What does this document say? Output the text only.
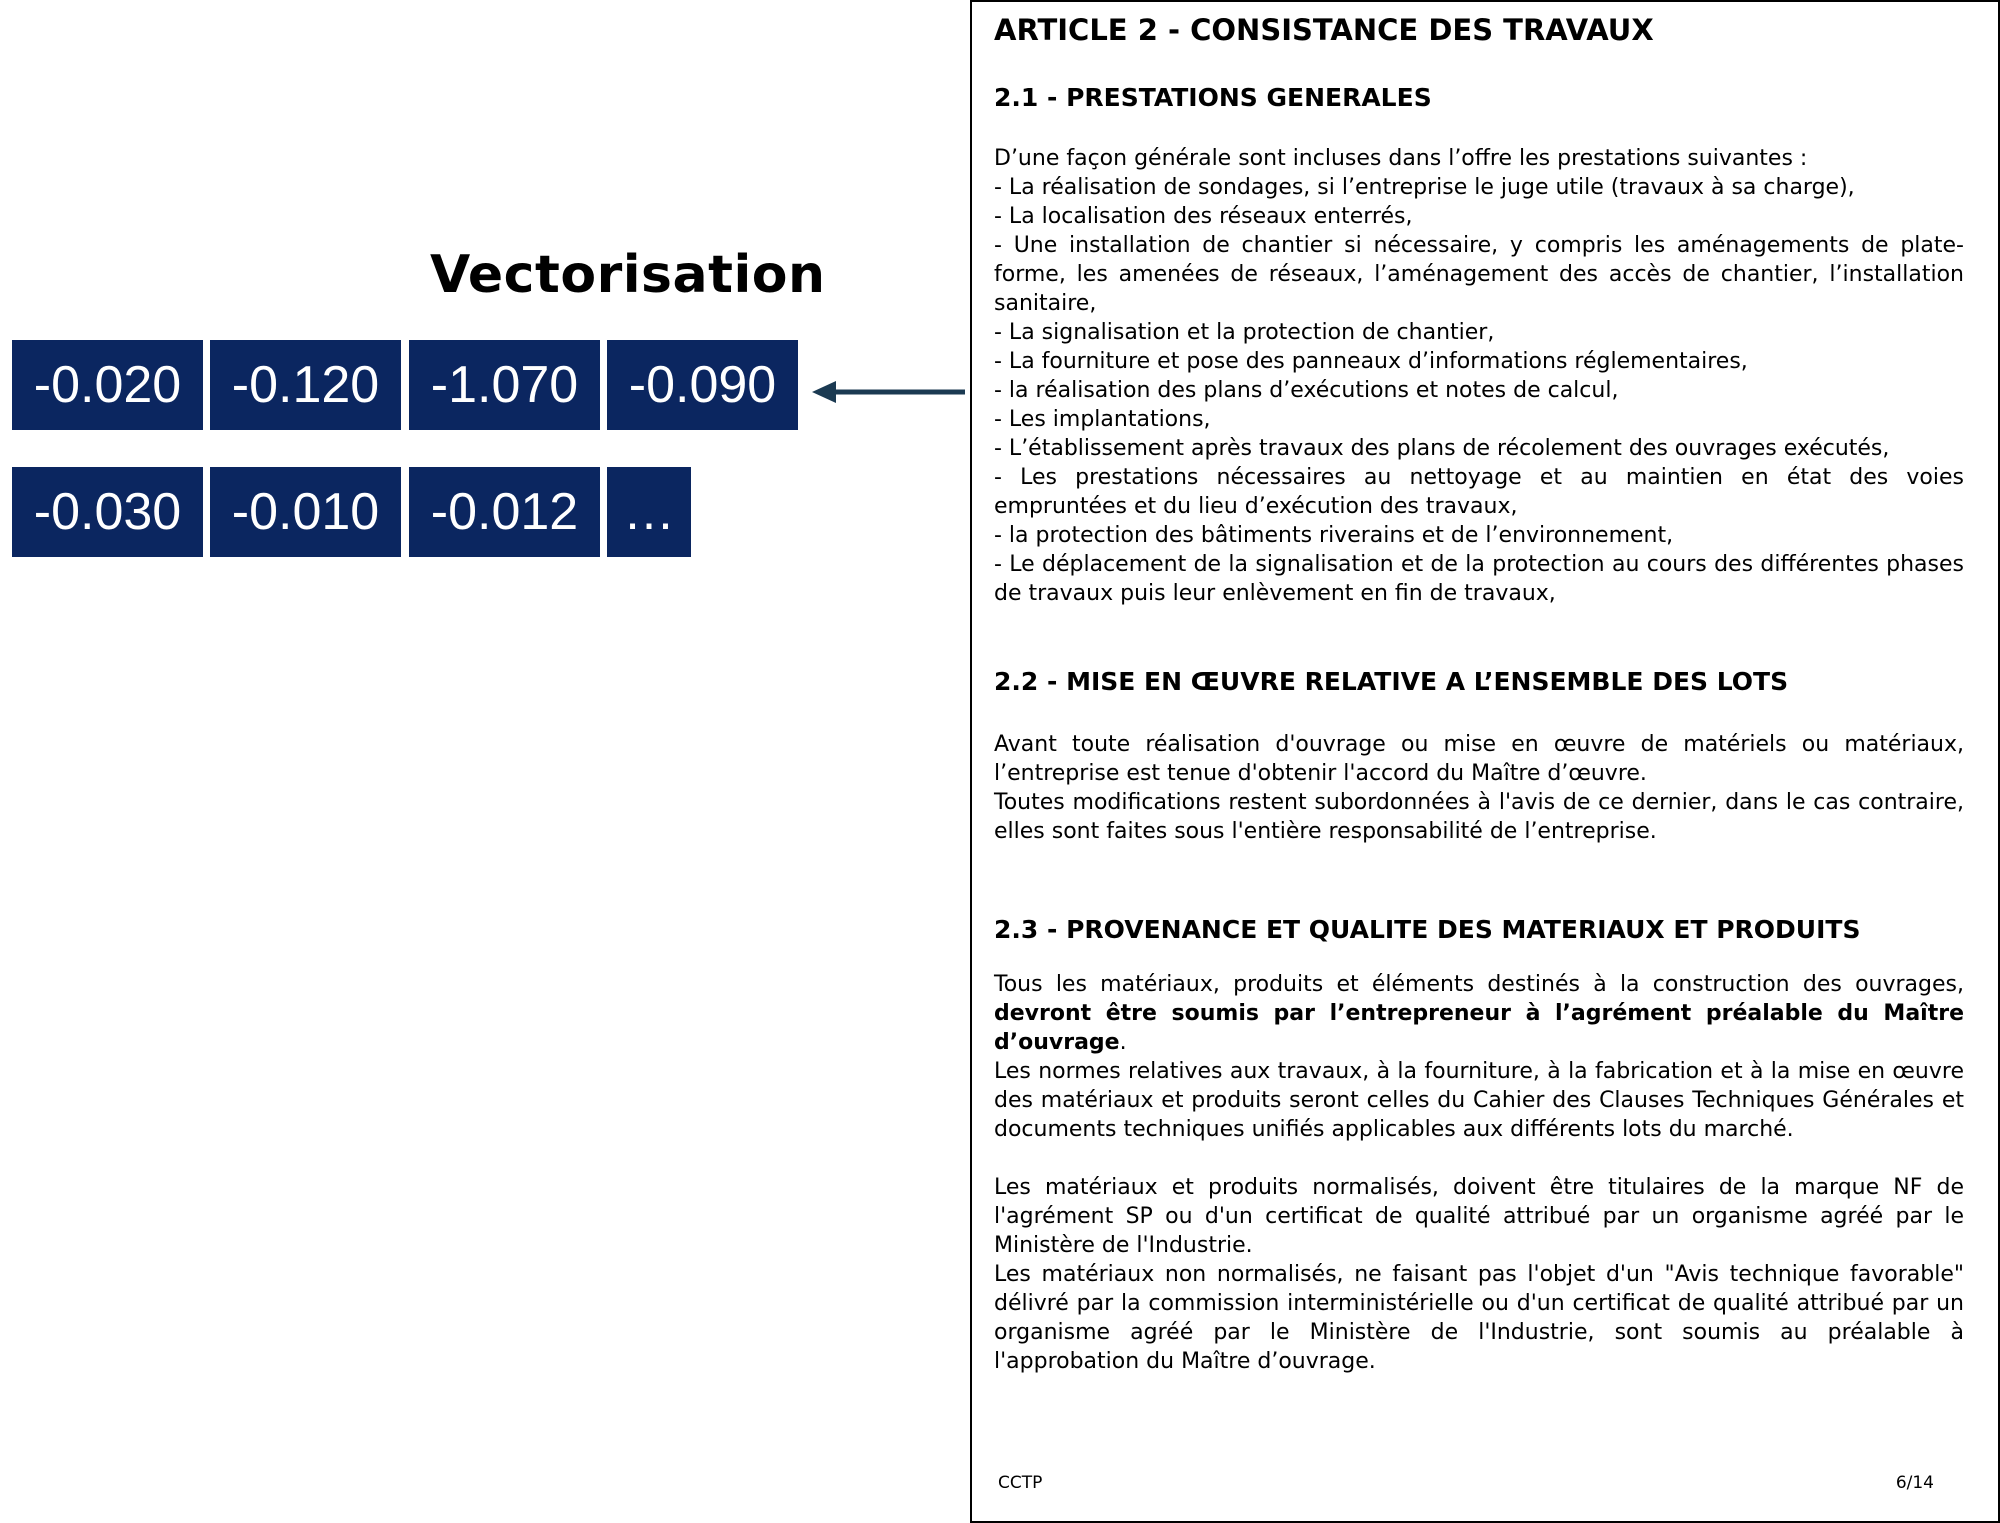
Vectorisation
-0.020 -0.120 -1.070 -0.090
-0.030 -0.010 -0.012 …
ARTICLE 2 - CONSISTANCE DES TRAVAUX
2.1 - PRESTATIONS GENERALES
D’une façon générale sont incluses dans l’offre les prestations suivantes :
- La réalisation de sondages, si l’entreprise le juge utile (travaux à sa charge),
- La localisation des réseaux enterrés,
- Une installation de chantier si nécessaire, y compris les aménagements de plate-forme, les amenées de réseaux, l’aménagement des accès de chantier, l’installation sanitaire,
- La signalisation et la protection de chantier,
- La fourniture et pose des panneaux d’informations réglementaires,
- la réalisation des plans d’exécutions et notes de calcul,
- Les implantations,
- L’établissement après travaux des plans de récolement des ouvrages exécutés,
- Les prestations nécessaires au nettoyage et au maintien en état des voies empruntées et du lieu d’exécution des travaux,
- la protection des bâtiments riverains et de l’environnement,
- Le déplacement de la signalisation et de la protection au cours des différentes phases de travaux puis leur enlèvement en fin de travaux,
2.2 - MISE EN ŒUVRE RELATIVE A L’ENSEMBLE DES LOTS
Avant toute réalisation d'ouvrage ou mise en œuvre de matériels ou matériaux, l’entreprise est tenue d'obtenir l'accord du Maître d’œuvre.
Toutes modifications restent subordonnées à l'avis de ce dernier, dans le cas contraire, elles sont faites sous l'entière responsabilité de l’entreprise.
2.3 - PROVENANCE ET QUALITE DES MATERIAUX ET PRODUITS
Tous les matériaux, produits et éléments destinés à la construction des ouvrages, devront être soumis par l’entrepreneur à l’agrément préalable du Maître d’ouvrage.
Les normes relatives aux travaux, à la fourniture, à la fabrication et à la mise en œuvre des matériaux et produits seront celles du Cahier des Clauses Techniques Générales et documents techniques unifiés applicables aux différents lots du marché.
Les matériaux et produits normalisés, doivent être titulaires de la marque NF de l'agrément SP ou d'un certificat de qualité attribué par un organisme agréé par le Ministère de l'Industrie.
Les matériaux non normalisés, ne faisant pas l'objet d'un "Avis technique favorable" délivré par la commission interministérielle ou d'un certificat de qualité attribué par un organisme agréé par le Ministère de l'Industrie, sont soumis au préalable à l'approbation du Maître d’ouvrage.
CCTP	6/14
